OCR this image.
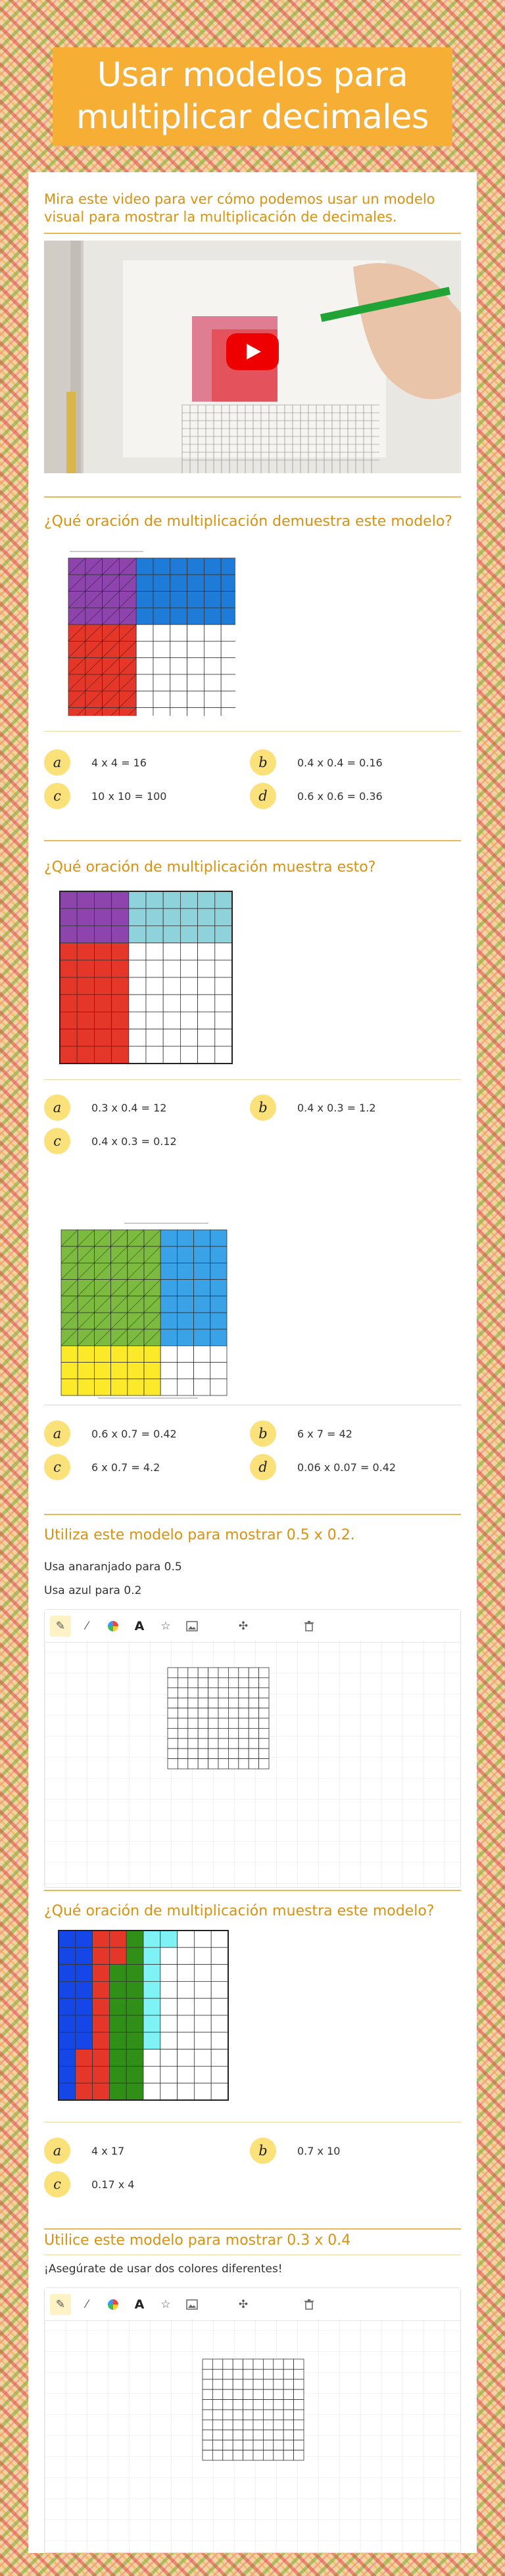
Usar modelos para multiplicar decimales

Mira este video para ver cómo podemos usar un modelo visual para mostrar la multiplicación de decimales.

¿Qué oración de multiplicación demuestra este modelo?

a	4 x 4 = 16	b	0.4 x 0.4 = 0.16
c	10 x 10 = 100	d	0.6 x 0.6 = 0.36

¿Qué oración de multiplicación muestra esto?

a	0.3 x 0.4 = 12	b	0.4 x 0.3 = 1.2
c	0.4 x 0.3 = 0.12
a	0.6 x 0.7 = 0.42	b	6 x 7 = 42
c	6 x 0.7 = 4.2	d	0.06 x 0.07 = 0.42

Utiliza este modelo para mostrar 0.5 x 0.2.

Usa anaranjado para 0.5

Usa azul para 0.2

✎ ⁄	A ☆	✣

¿Qué oración de multiplicación muestra este modelo?

a	4 x 17	b	0.7 x 10
c	0.17 x 4

Utilice este modelo para mostrar 0.3 x 0.4

¡Asegúrate de usar dos colores diferentes!

✎ ⁄	A ☆	✣
